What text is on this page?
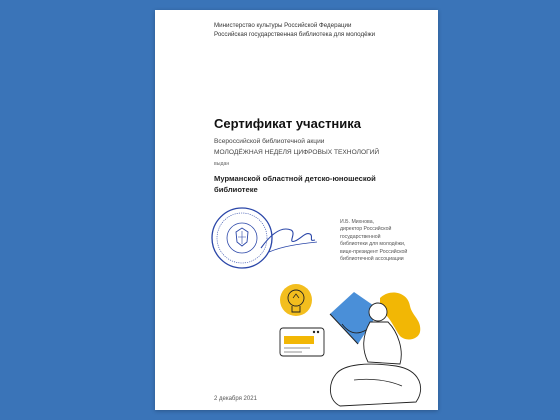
Министерство культуры Российской Федерации
Российская государственная библиотека для молодёжи
Сертификат участника
Всероссийской библиотечной акции
МОЛОДЁЖНАЯ НЕДЕЛЯ ЦИФРОВЫХ ТЕХНОЛОГИЙ
выдан
Мурманской областной детско-юношеской
библиотеке
И.Б. Михнова,
директор Российской
государственной
библиотеки для молодёжи,
вице-президент Российской
библиотечной ассоциации
2 декабря 2021
